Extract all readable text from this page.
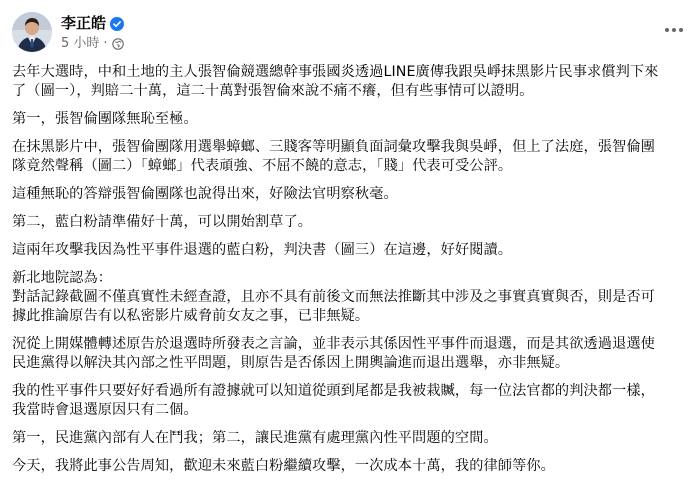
李正皓
5 小時 ·
去年大選時，中和土地的主人張智倫競選總幹事張國炎透過LINE廣傳我跟吳崢抹黑影片民事求償判下來
了（圖一），判賠二十萬，這二十萬對張智倫來說不痛不癢，但有些事情可以證明。
第一，張智倫團隊無恥至極。
在抹黑影片中，張智倫團隊用選舉蟑螂、三賤客等明顯負面詞彙攻擊我與吳崢，但上了法庭，張智倫團
隊竟然聲稱（圖二）「蟑螂」代表頑強、不屈不饒的意志，「賤」代表可受公評。
這種無恥的答辯張智倫團隊也說得出來，好險法官明察秋毫。
第二，藍白粉請準備好十萬，可以開始割草了。
這兩年攻擊我因為性平事件退選的藍白粉，判決書（圖三）在這邊，好好閱讀。
新北地院認為：
對話記錄截圖不僅真實性未經查證，且亦不具有前後文而無法推斷其中涉及之事實真實與否，則是否可
據此推論原告有以私密影片威脅前女友之事，已非無疑。
況從上開媒體轉述原告於退選時所發表之言論，並非表示其係因性平事件而退選，而是其欲透過退選使
民進黨得以解決其內部之性平問題，則原告是否係因上開輿論進而退出選舉，亦非無疑。
我的性平事件只要好好看過所有證據就可以知道從頭到尾都是我被栽贓，每一位法官都的判決都一樣，
我當時會退選原因只有二個。
第一，民進黨內部有人在鬥我；第二，讓民進黨有處理黨內性平問題的空間。
今天，我將此事公告周知，歡迎未來藍白粉繼續攻擊，一次成本十萬，我的律師等你。
